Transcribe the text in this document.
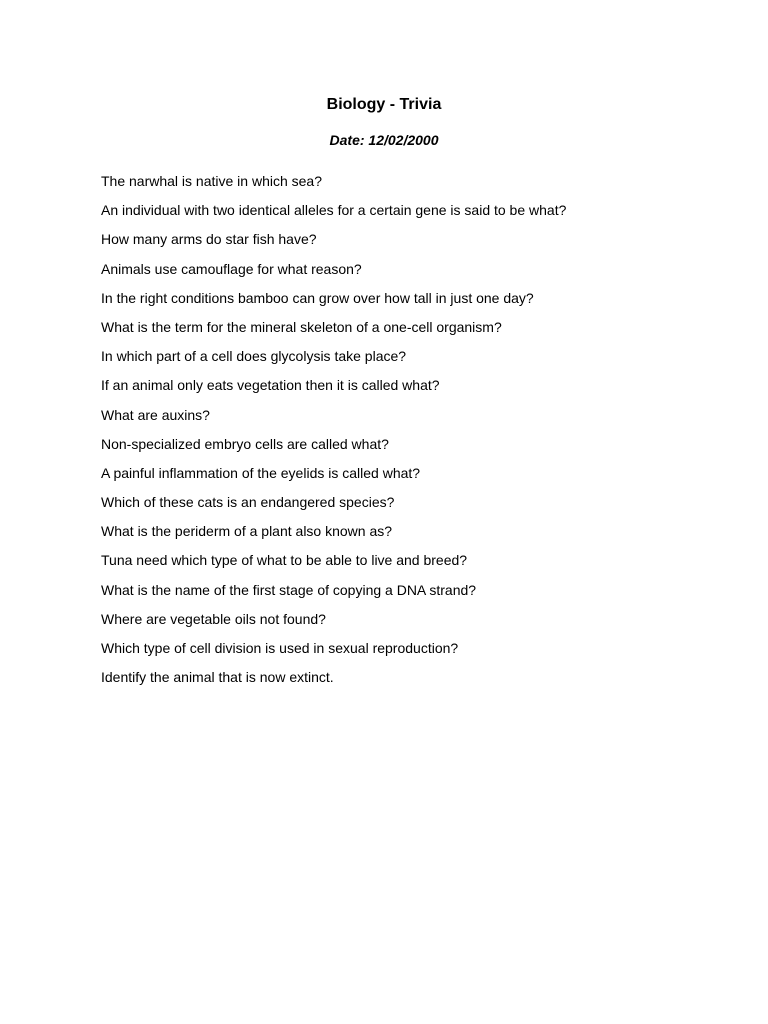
Biology - Trivia
Date: 12/02/2000
The narwhal is native in which sea?
An individual with two identical alleles for a certain gene is said to be what?
How many arms do star fish have?
Animals use camouflage for what reason?
In the right conditions bamboo can grow over how tall in just one day?
What is the term for the mineral skeleton of a one-cell organism?
In which part of a cell does glycolysis take place?
If an animal only eats vegetation then it is called what?
What are auxins?
Non-specialized embryo cells are called what?
A painful inflammation of the eyelids is called what?
Which of these cats is an endangered species?
What is the periderm of a plant also known as?
Tuna need which type of what to be able to live and breed?
What is the name of the first stage of copying a DNA strand?
Where are vegetable oils not found?
Which type of cell division is used in sexual reproduction?
Identify the animal that is now extinct.
